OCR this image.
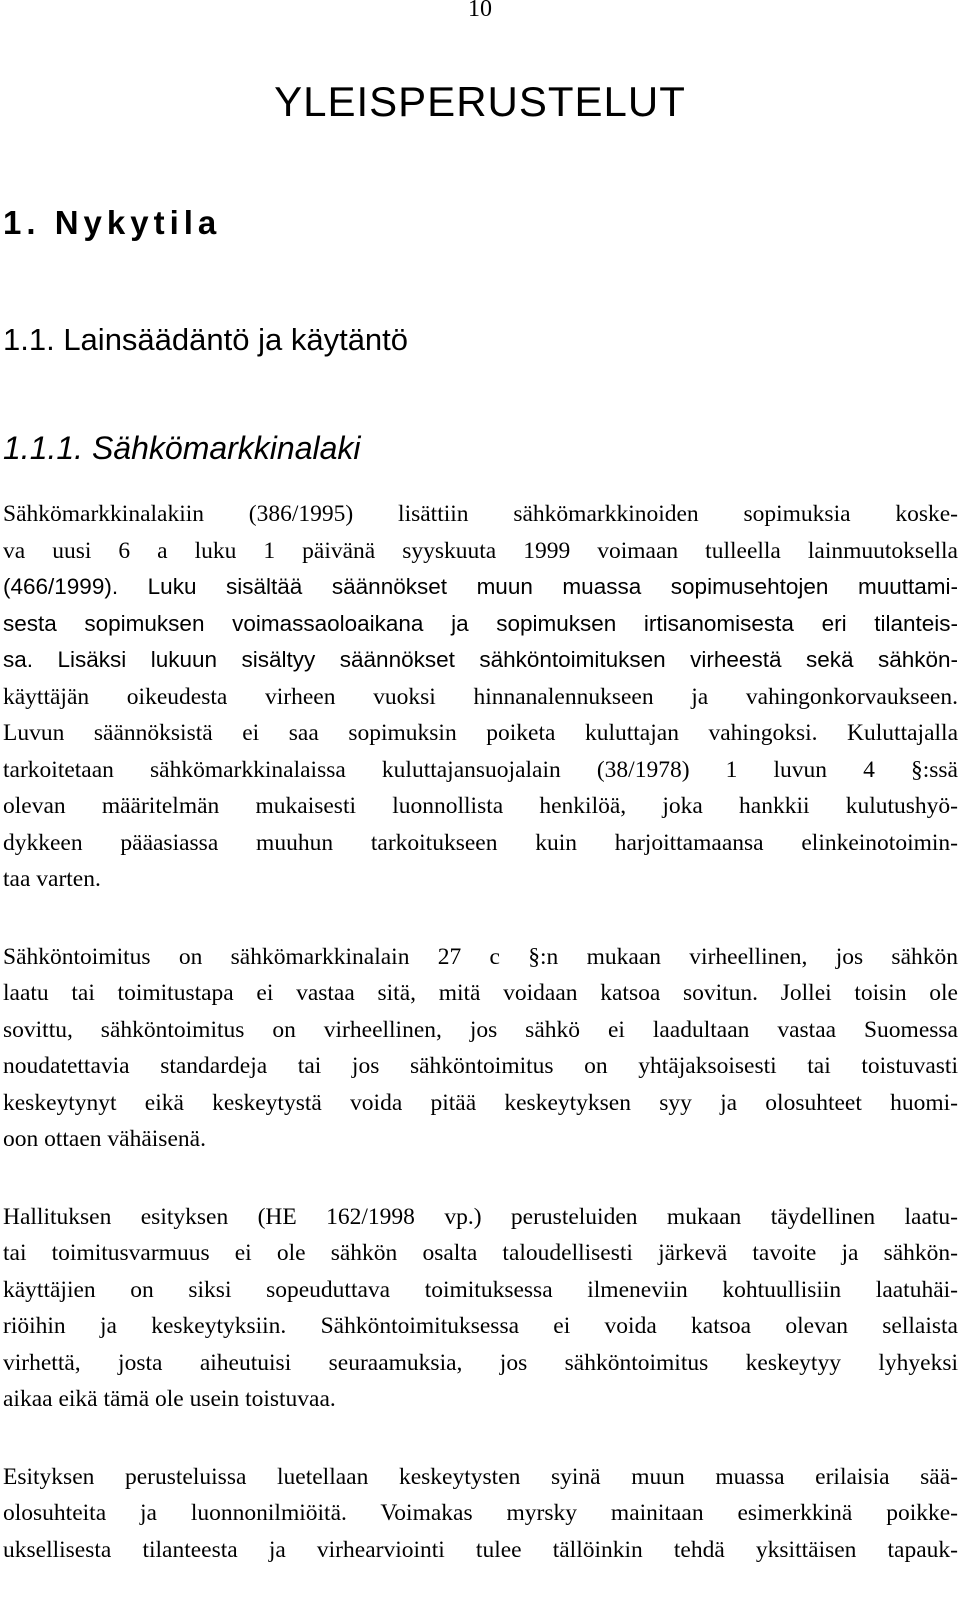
10
YLEISPERUSTELUT
1. Nykytila
1.1. Lainsäädäntö ja käytäntö
1.1.1. Sähkömarkkinalaki

Sähkömarkkinalakiin (386/1995) lisättiin sähkömarkkinoiden sopimuksia koske-
va uusi 6 a luku 1 päivänä syyskuuta 1999 voimaan tulleella lainmuutoksella
(466/1999). Luku sisältää säännökset muun muassa sopimusehtojen muuttami-
sesta sopimuksen voimassaoloaikana ja sopimuksen irtisanomisesta eri tilanteis-
sa. Lisäksi lukuun sisältyy säännökset sähköntoimituksen virheestä sekä sähkön-
käyttäjän oikeudesta virheen vuoksi hinnanalennukseen ja vahingonkorvaukseen.
Luvun säännöksistä ei saa sopimuksin poiketa kuluttajan vahingoksi. Kuluttajalla
tarkoitetaan sähkömarkkinalaissa kuluttajansuojalain (38/1978) 1 luvun 4 §:ssä
olevan määritelmän mukaisesti luonnollista henkilöä, joka hankkii kulutushyö-
dykkeen pääasiassa muuhun tarkoitukseen kuin harjoittamaansa elinkeinotoimin-
taa varten.

Sähköntoimitus on sähkömarkkinalain 27 c §:n mukaan virheellinen, jos sähkön
laatu tai toimitustapa ei vastaa sitä, mitä voidaan katsoa sovitun. Jollei toisin ole
sovittu, sähköntoimitus on virheellinen, jos sähkö ei laadultaan vastaa Suomessa
noudatettavia standardeja tai jos sähköntoimitus on yhtäjaksoisesti tai toistuvasti
keskeytynyt eikä keskeytystä voida pitää keskeytyksen syy ja olosuhteet huomi-
oon ottaen vähäisenä.

Hallituksen esityksen (HE 162/1998 vp.) perusteluiden mukaan täydellinen laatu-
tai toimitusvarmuus ei ole sähkön osalta taloudellisesti järkevä tavoite ja sähkön-
käyttäjien on siksi sopeuduttava toimituksessa ilmeneviin kohtuullisiin laatuhäi-
riöihin ja keskeytyksiin. Sähköntoimituksessa ei voida katsoa olevan sellaista
virhettä, josta aiheutuisi seuraamuksia, jos sähköntoimitus keskeytyy lyhyeksi
aikaa eikä tämä ole usein toistuvaa.

Esityksen perusteluissa luetellaan keskeytysten syinä muun muassa erilaisia sää-
olosuhteita ja luonnonilmiöitä. Voimakas myrsky mainitaan esimerkkinä poikke-
uksellisesta tilanteesta ja virhearviointi tulee tällöinkin tehdä yksittäisen tapauk-
